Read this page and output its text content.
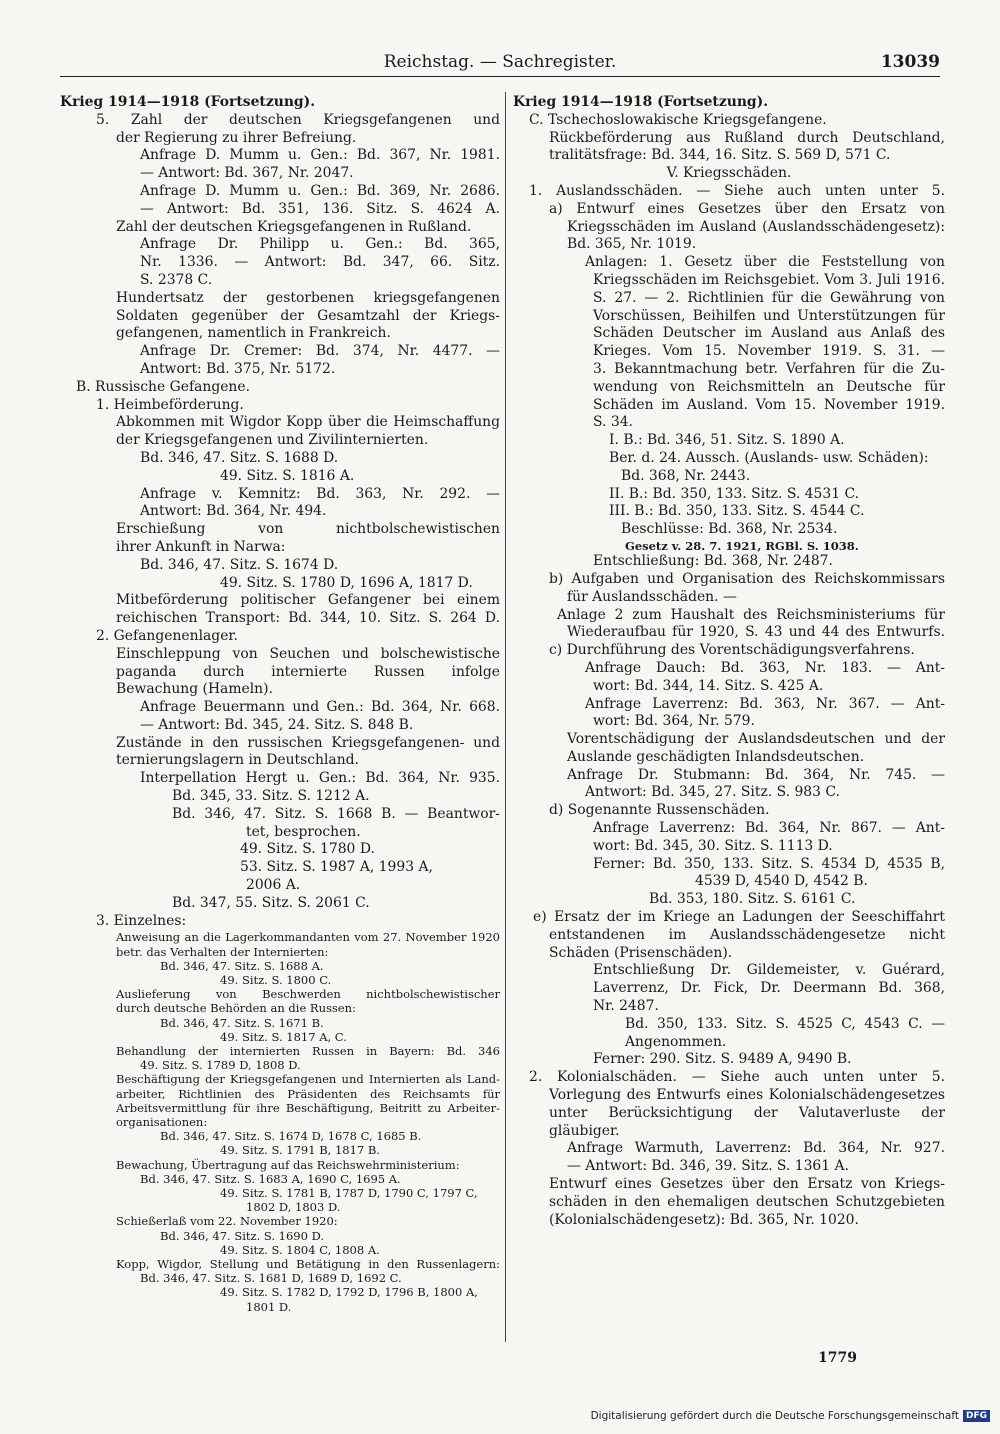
Reichstag. — Sachregister.	13039
Krieg 1914—1918 (Fortsetzung).
5. Zahl der deutschen Kriegsgefangenen und
der Regierung zu ihrer Befreiung.
Anfrage D. Mumm u. Gen.: Bd. 367, Nr. 1981.
— Antwort: Bd. 367, Nr. 2047.
Anfrage D. Mumm u. Gen.: Bd. 369, Nr. 2686.
— Antwort: Bd. 351, 136. Sitz. S. 4624 A.
Zahl der deutschen Kriegsgefangenen in Rußland.
Anfrage Dr. Philipp u. Gen.: Bd. 365,
Nr. 1336. — Antwort: Bd. 347, 66. Sitz.
S. 2378 C.
Hundertsatz der gestorbenen kriegsgefangenen
Soldaten gegenüber der Gesamtzahl der Kriegs-
gefangenen, namentlich in Frankreich.
Anfrage Dr. Cremer: Bd. 374, Nr. 4477. —
Antwort: Bd. 375, Nr. 5172.
B. Russische Gefangene.
1. Heimbeförderung.
Abkommen mit Wigdor Kopp über die Heimschaffung
der Kriegsgefangenen und Zivilinternierten.
Bd. 346, 47. Sitz. S. 1688 D.
49. Sitz. S. 1816 A.
Anfrage v. Kemnitz: Bd. 363, Nr. 292. —
Antwort: Bd. 364, Nr. 494.
Erschießung von nichtbolschewistischen
ihrer Ankunft in Narwa:
Bd. 346, 47. Sitz. S. 1674 D.
49. Sitz. S. 1780 D, 1696 A, 1817 D.
Mitbeförderung politischer Gefangener bei einem
reichischen Transport: Bd. 344, 10. Sitz. S. 264 D.
2. Gefangenenlager.
Einschleppung von Seuchen und bolschewistische
paganda durch internierte Russen infolge
Bewachung (Hameln).
Anfrage Beuermann und Gen.: Bd. 364, Nr. 668.
— Antwort: Bd. 345, 24. Sitz. S. 848 B.
Zustände in den russischen Kriegsgefangenen- und
ternierungslagern in Deutschland.
Interpellation Hergt u. Gen.: Bd. 364, Nr. 935.
Bd. 345, 33. Sitz. S. 1212 A.
Bd. 346, 47. Sitz. S. 1668 B. — Beantwor-
tet, besprochen.
49. Sitz. S. 1780 D.
53. Sitz. S. 1987 A, 1993 A,
2006 A.
Bd. 347, 55. Sitz. S. 2061 C.
3. Einzelnes:
Anweisung an die Lagerkommandanten vom 27. November 1920
betr. das Verhalten der Internierten:
Bd. 346, 47. Sitz. S. 1688 A.
49. Sitz. S. 1800 C.
Auslieferung von Beschwerden nichtbolschewistischer
durch deutsche Behörden an die Russen:
Bd. 346, 47. Sitz. S. 1671 B.
49. Sitz. S. 1817 A, C.
Behandlung der internierten Russen in Bayern: Bd. 346
49. Sitz. S. 1789 D, 1808 D.
Beschäftigung der Kriegsgefangenen und Internierten als Land-
arbeiter, Richtlinien des Präsidenten des Reichsamts für
Arbeitsvermittlung für ihre Beschäftigung, Beitritt zu Arbeiter-
organisationen:
Bd. 346, 47. Sitz. S. 1674 D, 1678 C, 1685 B.
49. Sitz. S. 1791 B, 1817 B.
Bewachung, Übertragung auf das Reichswehrministerium:
Bd. 346, 47. Sitz. S. 1683 A, 1690 C, 1695 A.
49. Sitz. S. 1781 B, 1787 D, 1790 C, 1797 C,
1802 D, 1803 D.
Schießerlaß vom 22. November 1920:
Bd. 346, 47. Sitz. S. 1690 D.
49. Sitz. S. 1804 C, 1808 A.
Kopp, Wigdor, Stellung und Betätigung in den Russenlagern:
Bd. 346, 47. Sitz. S. 1681 D, 1689 D, 1692 C.
49. Sitz. S. 1782 D, 1792 D, 1796 B, 1800 A,
1801 D.
Krieg 1914—1918 (Fortsetzung).
C. Tschechoslowakische Kriegsgefangene.
Rückbeförderung aus Rußland durch Deutschland,
tralitätsfrage: Bd. 344, 16. Sitz. S. 569 D, 571 C.
V. Kriegsschäden.
1. Auslandsschäden. — Siehe auch unten unter 5.
a) Entwurf eines Gesetzes über den Ersatz von
Kriegsschäden im Ausland (Auslandsschädengesetz):
Bd. 365, Nr. 1019.
Anlagen: 1. Gesetz über die Feststellung von
Kriegsschäden im Reichsgebiet. Vom 3. Juli 1916.
S. 27. — 2. Richtlinien für die Gewährung von
Vorschüssen, Beihilfen und Unterstützungen für
Schäden Deutscher im Ausland aus Anlaß des
Krieges. Vom 15. November 1919. S. 31. —
3. Bekanntmachung betr. Verfahren für die Zu-
wendung von Reichsmitteln an Deutsche für
Schäden im Ausland. Vom 15. November 1919.
S. 34.
I. B.: Bd. 346, 51. Sitz. S. 1890 A.
Ber. d. 24. Aussch. (Auslands- usw. Schäden):
Bd. 368, Nr. 2443.
II. B.: Bd. 350, 133. Sitz. S. 4531 C.
III. B.: Bd. 350, 133. Sitz. S. 4544 C.
Beschlüsse: Bd. 368, Nr. 2534.
Gesetz v. 28. 7. 1921, RGBl. S. 1038.
Entschließung: Bd. 368, Nr. 2487.
b) Aufgaben und Organisation des Reichskommissars
für Auslandsschäden. —
Anlage 2 zum Haushalt des Reichsministeriums für
Wiederaufbau für 1920, S. 43 und 44 des Entwurfs.
c) Durchführung des Vorentschädigungsverfahrens.
Anfrage Dauch: Bd. 363, Nr. 183. — Ant-
wort: Bd. 344, 14. Sitz. S. 425 A.
Anfrage Laverrenz: Bd. 363, Nr. 367. — Ant-
wort: Bd. 364, Nr. 579.
Vorentschädigung der Auslandsdeutschen und der
Auslande geschädigten Inlandsdeutschen.
Anfrage Dr. Stubmann: Bd. 364, Nr. 745. —
Antwort: Bd. 345, 27. Sitz. S. 983 C.
d) Sogenannte Russenschäden.
Anfrage Laverrenz: Bd. 364, Nr. 867. — Ant-
wort: Bd. 345, 30. Sitz. S. 1113 D.
Ferner: Bd. 350, 133. Sitz. S. 4534 D, 4535 B,
4539 D, 4540 D, 4542 B.
Bd. 353, 180. Sitz. S. 6161 C.
e) Ersatz der im Kriege an Ladungen der Seeschiffahrt
entstandenen im Auslandsschädengesetze nicht
Schäden (Prisenschäden).
Entschließung Dr. Gildemeister, v. Guérard,
Laverrenz, Dr. Fick, Dr. Deermann Bd. 368,
Nr. 2487.
Bd. 350, 133. Sitz. S. 4525 C, 4543 C. —
Angenommen.
Ferner: 290. Sitz. S. 9489 A, 9490 B.
2. Kolonialschäden. — Siehe auch unten unter 5.
Vorlegung des Entwurfs eines Kolonialschädengesetzes
unter Berücksichtigung der Valutaverluste der
gläubiger.
Anfrage Warmuth, Laverrenz: Bd. 364, Nr. 927.
— Antwort: Bd. 346, 39. Sitz. S. 1361 A.
Entwurf eines Gesetzes über den Ersatz von Kriegs-
schäden in den ehemaligen deutschen Schutzgebieten
(Kolonialschädengesetz): Bd. 365, Nr. 1020.
1779
Digitalisierung gefördert durch die Deutsche Forschungsgemeinschaft DFG
